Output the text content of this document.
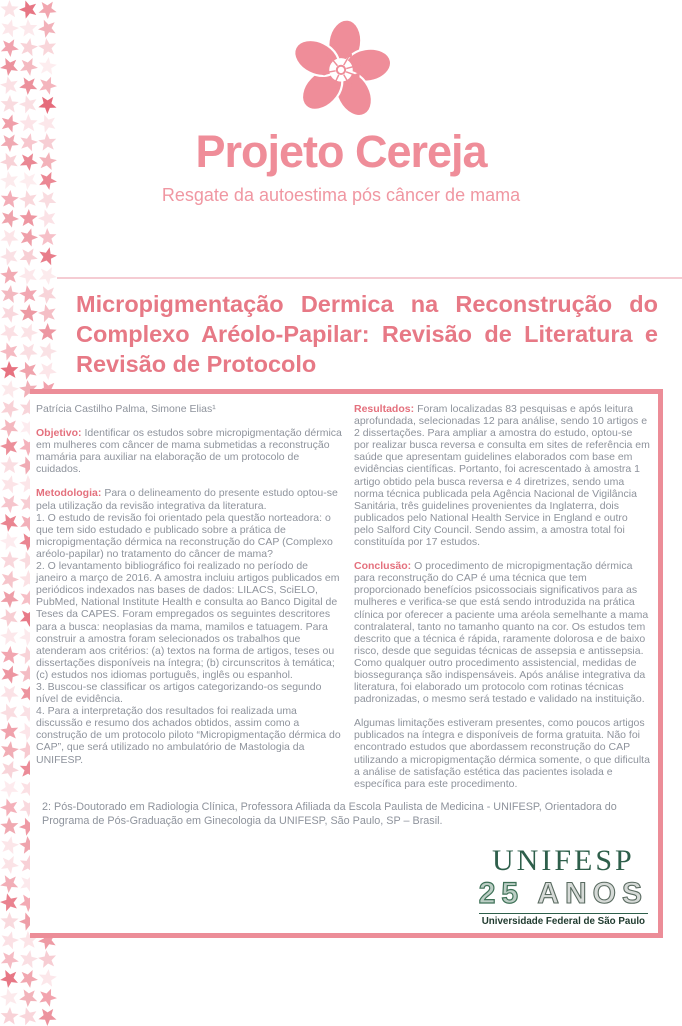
Projeto Cereja
Resgate da autoestima pós câncer de mama
Micropigmentação Dermica na Reconstrução do Complexo Aréolo-Papilar: Revisão de Literatura e Revisão de Protocolo

Patrícia Castilho Palma, Simone Elias¹

Objetivo: Identificar os estudos sobre micropigmentação dérmica em mulheres com câncer de mama submetidas a reconstrução mamária para auxiliar na elaboração de um protocolo de cuidados.

Metodologia: Para o delineamento do presente estudo optou-se pela utilização da revisão integrativa da literatura.
1. O estudo de revisão foi orientado pela questão norteadora: o que tem sido estudado e publicado sobre a prática de micropigmentação dérmica na reconstrução do CAP (Complexo aréolo-papilar) no tratamento do câncer de mama?
2. O levantamento bibliográfico foi realizado no período de janeiro a março de 2016. A amostra incluiu artigos publicados em periódicos indexados nas bases de dados: LILACS, SciELO, PubMed, National Institute Health e consulta ao Banco Digital de Teses da CAPES. Foram empregados os seguintes descritores para a busca: neoplasias da mama, mamilos e tatuagem. Para construir a amostra foram selecionados os trabalhos que atenderam aos critérios: (a) textos na forma de artigos, teses ou dissertações disponíveis na íntegra; (b) circunscritos à temática; (c) estudos nos idiomas português, inglês ou espanhol.
3. Buscou-se classificar os artigos categorizando-os segundo nível de evidência.
4. Para a interpretação dos resultados foi realizada uma discussão e resumo dos achados obtidos, assim como a construção de um protocolo piloto “Micropigmentação dérmica do CAP”, que será utilizado no ambulatório de Mastologia da UNIFESP.

Resultados: Foram localizadas 83 pesquisas e após leitura aprofundada, selecionadas 12 para análise, sendo 10 artigos e 2 dissertações. Para ampliar a amostra do estudo, optou-se por realizar busca reversa e consulta em sites de referência em saúde que apresentam guidelines elaborados com base em evidências científicas. Portanto, foi acrescentado à amostra 1 artigo obtido pela busca reversa e 4 diretrizes, sendo uma norma técnica publicada pela Agência Nacional de Vigilância Sanitária, três guidelines provenientes da Inglaterra, dois publicados pelo National Health Service in England e outro pelo Salford City Council. Sendo assim, a amostra total foi constituída por 17 estudos.

Conclusão: O procedimento de micropigmentação dérmica para reconstrução do CAP é uma técnica que tem proporcionado benefícios psicossociais significativos para as mulheres e verifica-se que está sendo introduzida na prática clínica por oferecer a paciente uma aréola semelhante a mama contralateral, tanto no tamanho quanto na cor. Os estudos tem descrito que a técnica é rápida, raramente dolorosa e de baixo risco, desde que seguidas técnicas de assepsia e antissepsia. Como qualquer outro procedimento assistencial, medidas de biossegurança são indispensáveis. Após análise integrativa da literatura, foi elaborado um protocolo com rotinas técnicas padronizadas, o mesmo será testado e validado na instituição.

Algumas limitações estiveram presentes, como poucos artigos publicados na íntegra e disponíveis de forma gratuita. Não foi encontrado estudos que abordassem reconstrução do CAP utilizando a micropigmentação dérmica somente, o que dificulta a análise de satisfação estética das pacientes isolada e específica para este procedimento.

2: Pós-Doutorado em Radiologia Clínica, Professora Afiliada da Escola Paulista de Medicina - UNIFESP, Orientadora do Programa de Pós-Graduação em Ginecologia da UNIFESP, São Paulo, SP – Brasil.
UNIFESP
25 ANOS
Universidade Federal de São Paulo
